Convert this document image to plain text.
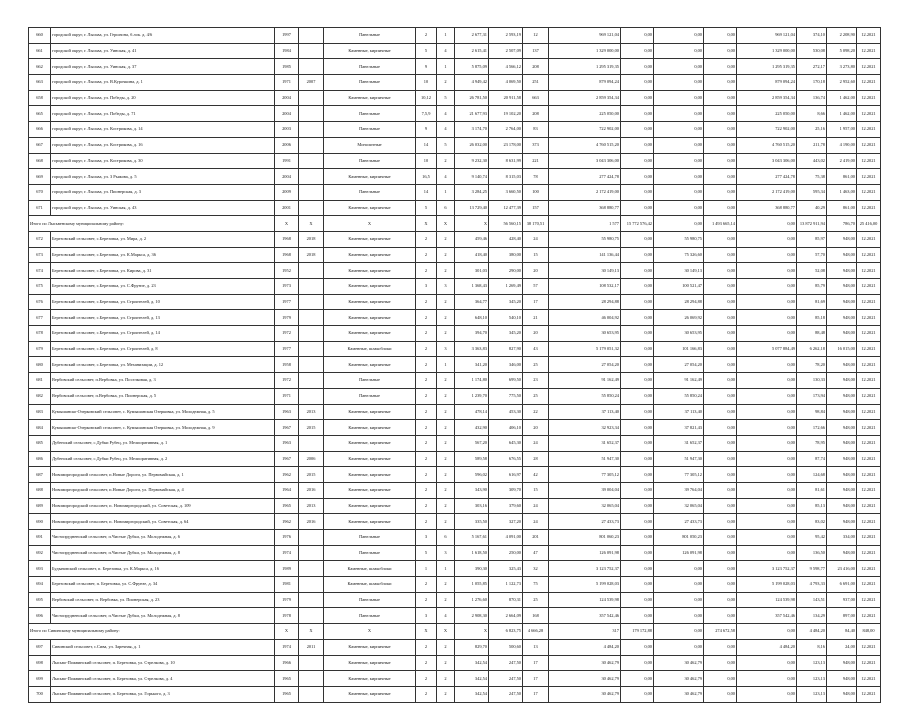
660	городской округ, г. Лысьва, ул. Гершзона, б.лок. д. 4/6	1997		Панельные	2	1	2 677,31	2 593,19	12	969 121,04	0,00	0,00	0,00	969 121,04	374,10	2 208,90	12.2021	
661	городской округ, г. Лысьва, ул. Уинская, д. 41	1984		Каменные, кирпичные	5	4	2 615,41	2 507,09	137	1 329 000,00	0,00	0,00	0,00	1 329 000,00	530,08	5 098,20	12.2021	
662	городской округ, г. Лысьва, ул. Уинская, д. 37	1985		Панельные	9	1	5 875,09	4 566,12	208	1 295 319,35	0,00	0,00	0,00	1 295 319,35	272,17	3 273,80	12.2021	
663	городской округ, г. Лысьва, ул. В.Курочкина, д. 1	1971	2007	Панельные	10	2	4 949,42	4 069,50	251	879 094,24	0,00	0,00	0,00	879 094,24	170,18	2 952,60	12.2021	
658	городской округ, г. Лысьва, ул. Победы, д. 20	2004		Каменные, кирпичные	10,12	5	26 781,50	20 911,58	663	2 859 354,34	0,00	0,00	0,00	2 859 354,34	136,74	1 462,00	12.2021	
665	городской округ, г. Лысьва, ул. Победы, д. 71	2004		Панельные	7,5,9	4	21 677,93	19 102,20	208	225 050,00	0,00	0,00	0,00	225 050,00	8,66	1 462,00	12.2021	
666	городской округ, г. Лысьва, ул. Кострикова, д. 14	2003		Панельные	9	4	3 174,70	2 764,00	83	722 902,00	0,00	0,00	0,00	722 902,00	25,16	1 957,00	12.2021	
667	городской округ, г. Лысьва, ул. Кострикова, д. 16	2006		Монолитные	14	5	26 032,00	23 178,00	373	4 760 515,20	0,00	0,00	0,00	4 760 515,20	211,78	4 190,00	12.2021	
668	городской округ, г. Лысьва, ул. Кострикова, д. 30	1991		Панельные	10	2	9 232,30	8 631,99	221	3 043 306,00	0,00	0,00	0,00	3 043 306,00	443,02	2 419,00	12.2021	
669	городской округ, г. Лысьва, ул. 3 Рыжова, д. 5	2004		Каменные, кирпичные	16,5	4	9 140,74	8 315,03	78	277 424,78	0,00	0,00	0,00	277 424,78	75,38	861,00	12.2021	
670	городской округ, г. Лысьва, ул. Пионерская, д. 3	2009		Панельные	14	1	3 284,25	3 660,50	100	2 172 419,00	0,00	0,00	0,00	2 172 419,00	595,34	1 463,00	12.2021	
671	городской округ, г. Лысьва, ул. Уинская, д. 43	2001		Каменные, кирпичные	5	6	13 729,40	12 477,39	157	368 880,77	0,00	0,00	0,00	368 880,77	40,29	861,00	12.2021	
Итого по Лысьвенскому муниципальному району:		X	X	X	X	X	X	56 560,15	38 170,51	1 577	15 772 576,42	0,00	1 493 665,14	0,00	13 872 911,94	786,70	25 416,00	
672	Березовский сельсовет, с.Березовка, ул. Мира, д. 2	1968	2018	Каменные, кирпичные	2	2	459,46	428,40	24	55 980,75	0,00	55 980,75	0,00	0,00	85,97	948,00	12.2021	
673	Березовский сельсовет, с.Березовка, ул. К.Маркса, д. 36	1968	2018	Каменные, кирпичные	2	2	418,40	380,00	15	141 136,44	0,00	75 326,60	0,00	0,00	57,70	948,00	12.2021	
674	Березовский сельсовет, с.Березовка, ул. Кирова, д. 31	1952		Каменные, кирпичные	2	2	301,03	290,00	20	30 149,13	0,00	30 149,13	0,00	0,00	52,08	948,00	12.2021	
675	Березовский сельсовет, с.Березовка, ул. С.Фрунзе, д. 23	1973		Каменные, кирпичные	3	3	1 368,43	1 269,49	57	108 532,17	0,00	100 521,47	0,00	0,00	85,79	948,00	12.2021	
676	Березовский сельсовет, с.Березовка, ул. Строителей, д. 10	1977		Каменные, кирпичные	2	2	364,77	345,20	17	28 294,88	0,00	28 294,88	0,00	0,00	81,69	948,00	12.2021	
677	Березовский сельсовет, с.Березовка, ул. Строителей, д. 13	1979		Каменные, кирпичные	2	2	648,10	540,10	21	46 004,92	0,00	26 069,92	0,00	0,00	85,18	948,00	12.2021	
678	Березовский сельсовет, с.Березовка, ул. Строителей, д. 14	1972		Каменные, кирпичные	2	2	394,70	345,20	20	30 653,95	0,00	30 653,95	0,00	0,00	88,48	948,00	12.2021	
679	Березовский сельсовет, с.Березовка, ул. Строителей, д. 8	1977		Каменные, шлакоблоки	2	3	3 363,83	827,90	43	5 179 051,32	0,00	101 166,83	0,00	5 077 884,49	6 262,18	16 015,00	12.2021	
680	Березовский сельсовет, с.Березовка, ул. Механизации, д. 12	1958		Каменные, кирпичные	2	1	341,20	346,00	25	27 054,20	0,00	27 054,20	0,00	0,00	78,20	948,00	12.2021	
681	Вербовский сельсовет, п.Вербовка, ул. Поселковая, д. 3	1972		Панельные	2	2	1 174,80	699,50	23	91 162,49	0,00	91 162,49	0,00	0,00	130,33	948,00	12.2021	
682	Вербовский сельсовет, п.Вербовка, ул. Пионерская, д. 5	1971		Панельные	2	2	1 239,70	775,50	25	55 850,24	0,00	55 850,24	0,00	0,00	173,94	948,00	12.2021	
683	Кумышанско-Озерковский сельсовет, с. Кумышанская Озерковка, ул. Молодежная, д. 5	1963	2013	Каменные, кирпичные	2	2	478,14	453,30	22	37 113,40	0,00	37 113,40	0,00	0,00	98,84	948,00	12.2021	
684	Кумышанско-Озерковский сельсовет, с. Кумышанская Озерковка, ул. Молодежная, д. 9	1967	2015	Каменные, кирпичные	2	2	432,90	406,10	20	32 923,34	0,00	37 821,43	0,00	0,00	172,66	948,00	12.2021	
685	Дубенский сельсовет, с.Дубки Рубец, ул. Мелиоративная, д. 1	1963		Каменные, кирпичные	2	2	567,20	645,30	24	31 652,37	0,00	31 652,37	0,00	0,00	78,95	948,00	12.2021	
686	Дубенский сельсовет, с.Дубки Рубец, ул. Мелиоративная, д. 2	1967	2006	Каменные, кирпичные	2	2	589,58	676,55	28	51 947,30	0,00	51 947,30	0,00	0,00	87,74	948,00	12.2021	
687	Новомиргородский сельсовет, п.Новые Дороги, ул. Первомайская, д. 1	1962	2015	Каменные, кирпичные	2	2	596,02	616,97	42	77 305,12	0,00	77 305,12	0,00	0,00	124,68	948,00	12.2021	
688	Новомиргородский сельсовет, п.Новые Дороги, ул. Первомайская, д. 4	1964	2016	Каменные, кирпичные	2	2	343,90	309,70	15	39 004,04	0,00	39 764,04	0,00	0,00	81,61	948,00	12.2021	
689	Новомиргородский сельсовет, п. Новомиргородский, ул. Советская, д. 109	1965	2013	Каменные, кирпичные	2	2	303,16	379,60	24	32 065,04	0,00	32 065,04	0,00	0,00	85,13	948,00	12.2021	
690	Новомиргородский сельсовет, п. Новомиргородский, ул. Советская, д. 64	1962	2016	Каменные, кирпичные	2	2	335,50	327,20	24	27 433,73	0,00	27 433,73	0,00	0,00	83,02	948,00	12.2021	
691	Чистопрудненский сельсовет, п.Чистые Дубки, ул. Молодежная, д. 6	1976		Панельные	3	6	5 167,61	4 091,00	201	801 060,23	0,00	801 050,23	0,00	0,00	95,42	334,00	12.2021	
692	Чистопрудненский сельсовет, п.Чистые Дубки, ул. Молодежная, д. 8	1974		Панельные	5	3	1 618,50	250,00	47	126 091,98	0,00	126 091,98	0,00	0,00	136,50	948,00	12.2021	
693	Будыновский сельсовет, п. Березовка, ул. К.Маркса, д. 16	1989		Каменные, шлакоблоки	1	1	390,30	325,43	32	3 123 752,37	0,00	0,00	0,00	3 123 752,37	9 598,77	23 416,00	12.2021	
694	Березовский сельсовет, п. Березовка, ул. С.Фрунзе, д. 34	1981		Каменные, шлакоблоки	2	2	1 055,85	1 122,73	75	5 199 028,03	0,00	0,00	0,00	5 199 028,03	4 793,33	6 691,00	12.2021	
695	Вербовский сельсовет, п. Вербовка, ул. Пионерская, д. 23	1979		Панельные	2	2	1 276,60	870,31	25	124 539,98	0,00	0,00	0,00	124 539,98	143,51	937,00	12.2021	
696	Чистопрудненский сельсовет, п.Чистые Дубки, ул. Молодежная, д. 8	1978		Панельные	3	4	2 908,30	2 664,09	168	357 542,46	0,00	0,00	0,00	357 542,46	134,29	897,00	12.2021	
Итого по Сивинскому муниципальному району:		X	X	X	X	X	X	6 823,75	4 666,28	317	179 172,88	0,00	274 672,58	0,00	4 484,20	84,40	848,00	
697	Сивинский сельсовет, с.Сива, ул. Заречная, д. 1	1974	2011	Каменные, кирпичные	2	2	829,70	500,60	13	4 484,20	0,00	0,00	0,00	4 484,20	8,16	24,00	12.2021	
698	Лысьво-Пожвинский сельсовет, п. Березовка, ул. Стрелкова, д. 10	1966		Каменные, кирпичные	2	2	342,54	247,50	17	30 462,79	0,00	30 462,79	0,00	0,00	123,13	948,00	12.2021	
699	Лысьво-Пожвинский сельсовет, п. Березовка, ул. Стрелкова, д. 4	1965		Каменные, кирпичные	2	2	342,54	247,50	17	30 462,79	0,00	30 462,79	0,00	0,00	123,13	948,00	12.2021	
700	Лысьво-Пожвинский сельсовет, п. Березовка, ул. Горького, д. 3	1965		Каменные, кирпичные	2	2	342,54	247,50	17	30 462,79	0,00	30 462,79	0,00	0,00	123,13	948,00	12.2021	
